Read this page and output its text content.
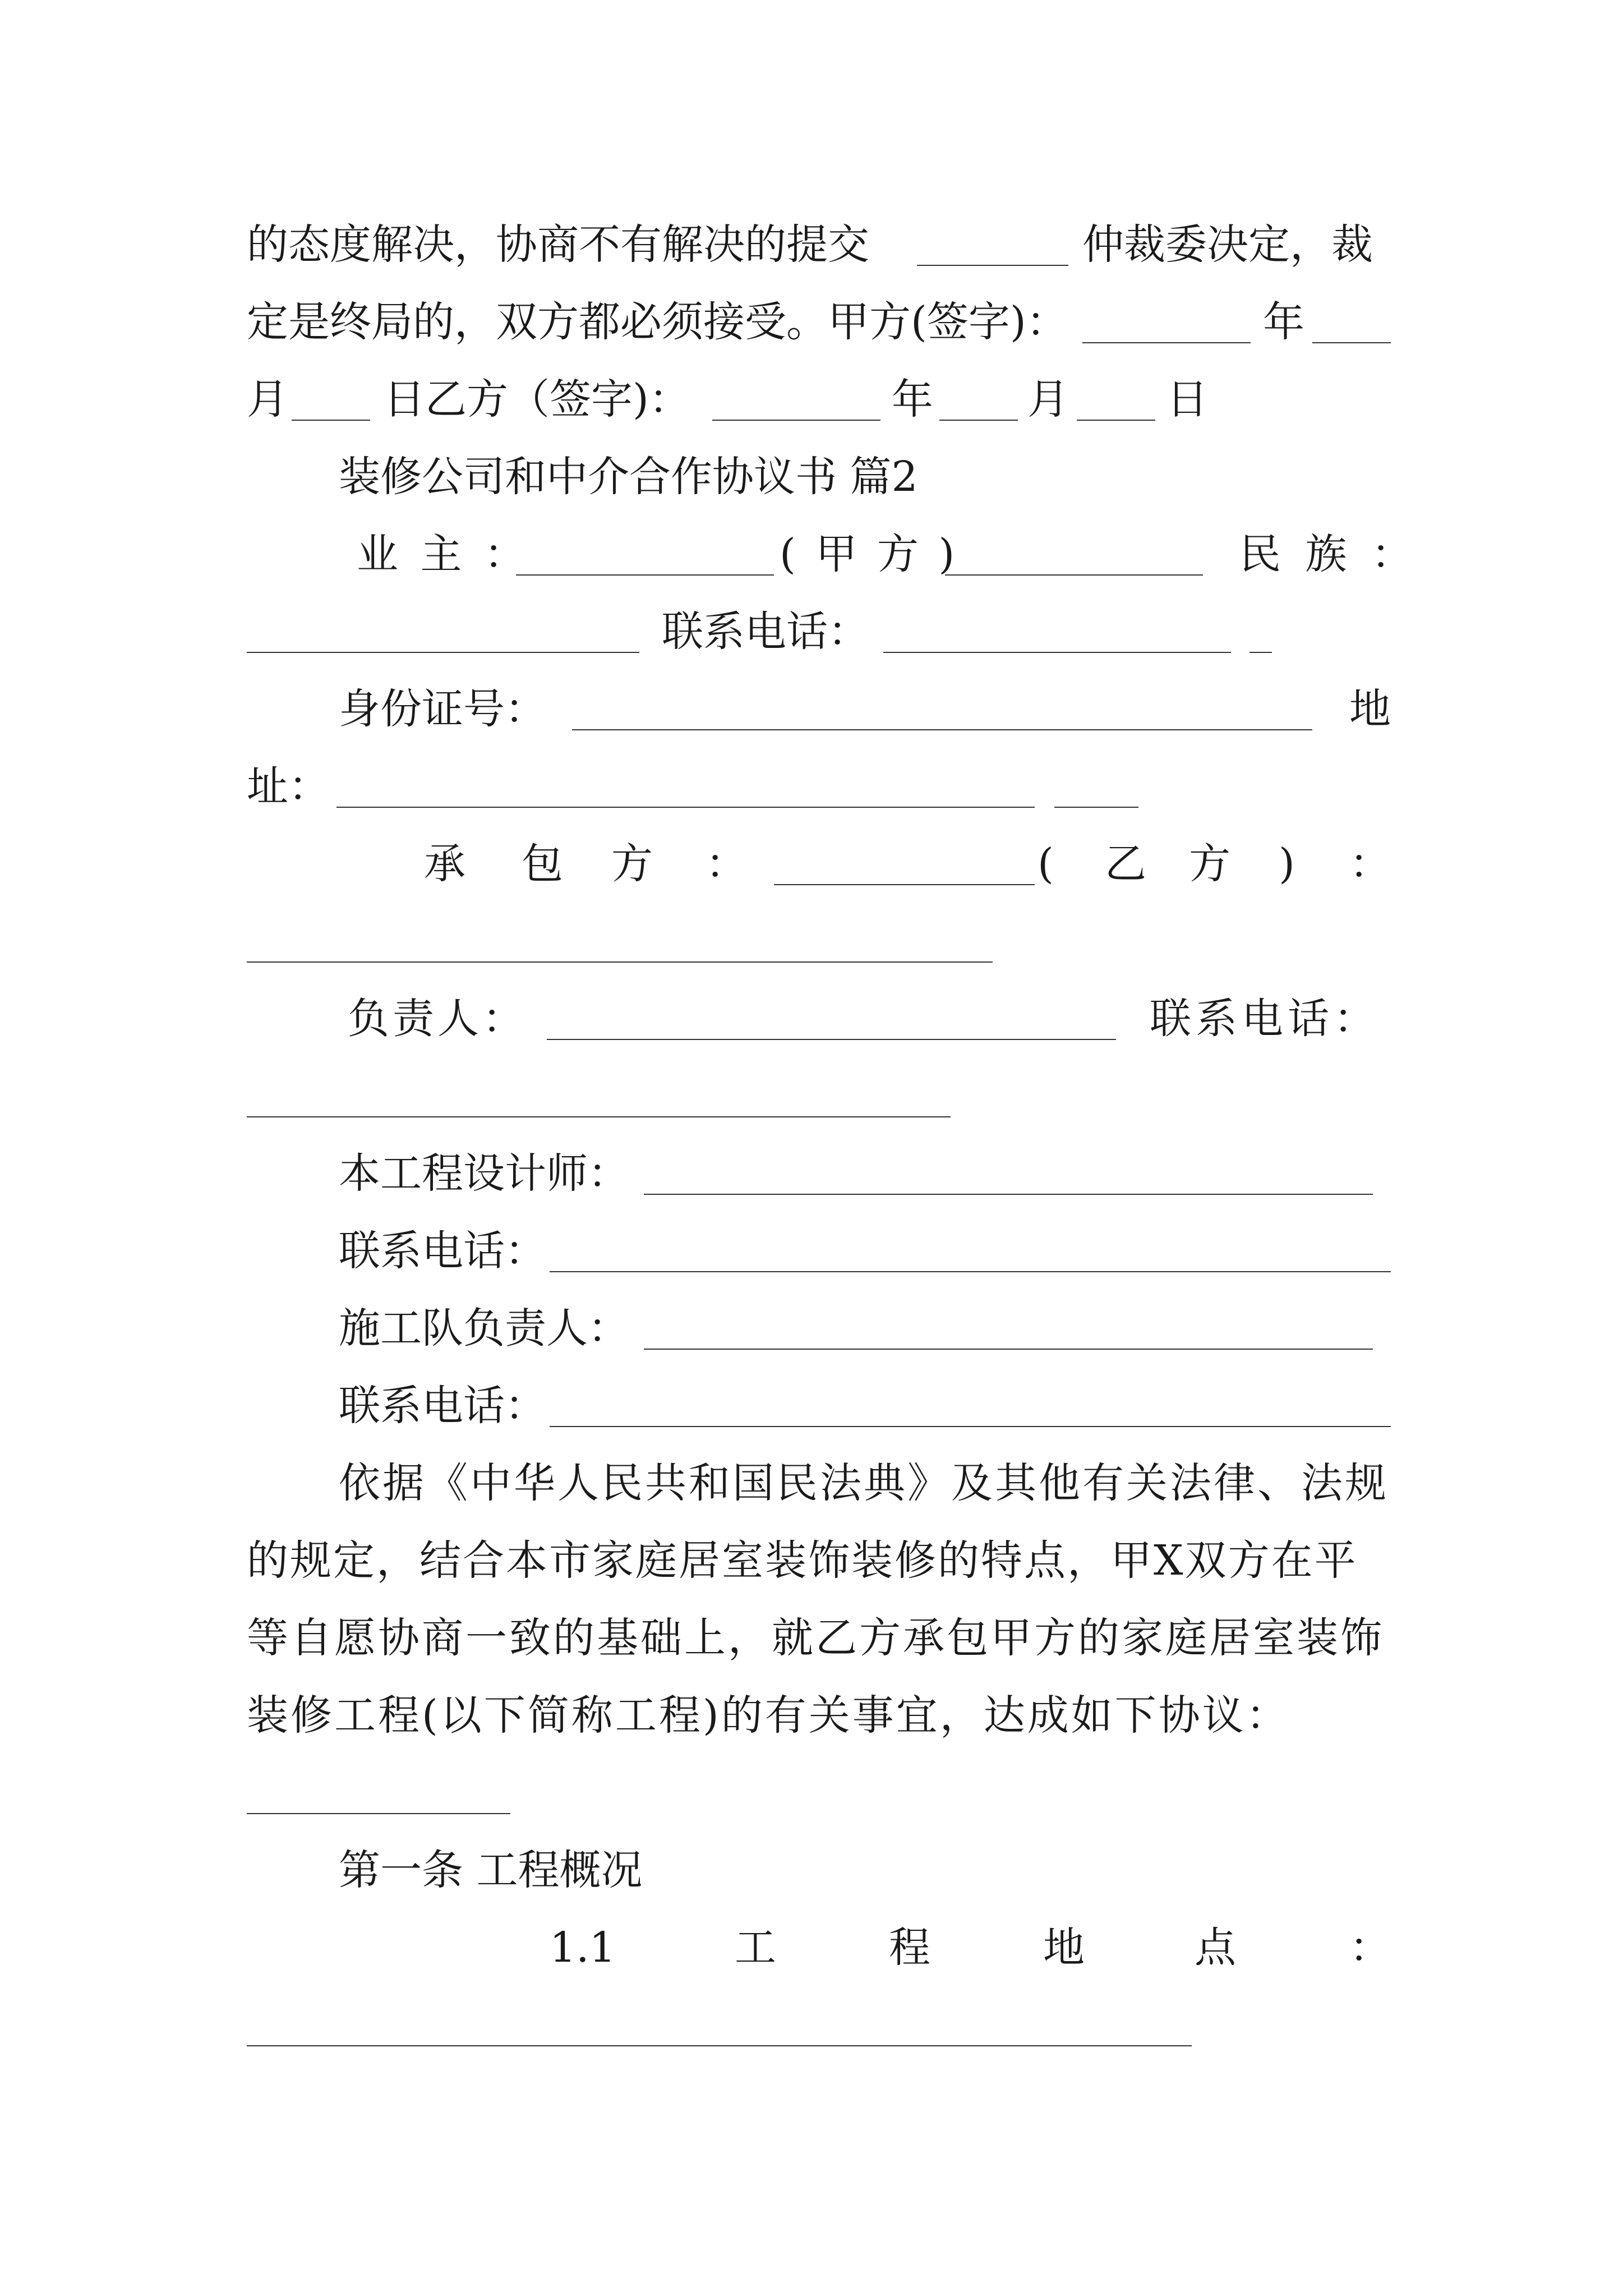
的态度解决，协商不有解决的提交	仲裁委决定，裁
定是终局的，双方都必须接受。甲方(签字)：	年
月 日乙方（签字)：	年 月 日
装修公司和中介合作协议书 篇2
业 主 ：	( 甲 方 )	民 族 ：
联系电话：
身份证号：	地
址：
承 包 方 ：	( 乙 方 ) ：
负责人：	联系电话：
本工程设计师：
联系电话：
施工队负责人：
联系电话：
依据《中华人民共和国民法典》及其他有关法律、法规
的规定，结合本市家庭居室装饰装修的特点，甲X双方在平
等自愿协商一致的基础上，就乙方承包甲方的家庭居室装饰
装修工程(以下简称工程)的有关事宜，达成如下协议：
第一条 工程概况
1.1	工	程	地	点	：
